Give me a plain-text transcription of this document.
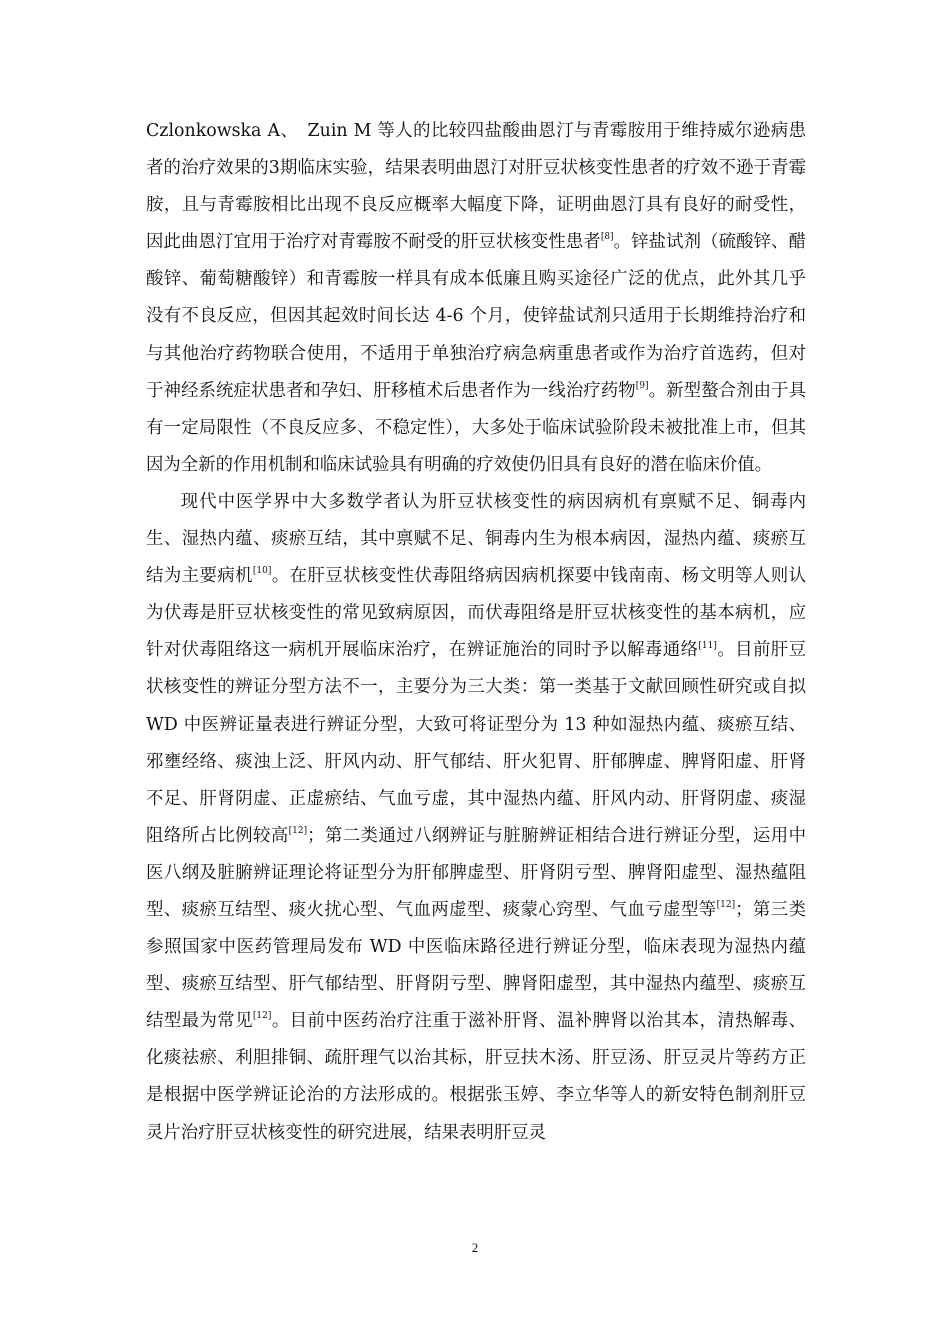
Czlonkowska A、　Zuin M 等人的比较四盐酸曲恩汀与青霉胺用于维持威尔逊病患者的治疗效果的3期临床实验，结果表明曲恩汀对肝豆状核变性患者的疗效不逊于青霉胺，且与青霉胺相比出现不良反应概率大幅度下降，证明曲恩汀具有良好的耐受性，因此曲恩汀宜用于治疗对青霉胺不耐受的肝豆状核变性患者[8]。锌盐试剂（硫酸锌、醋酸锌、葡萄糖酸锌）和青霉胺一样具有成本低廉且购买途径广泛的优点，此外其几乎没有不良反应，但因其起效时间长达 4-6 个月，使锌盐试剂只适用于长期维持治疗和与其他治疗药物联合使用，不适用于单独治疗病急病重患者或作为治疗首选药，但对于神经系统症状患者和孕妇、肝移植术后患者作为一线治疗药物[9]。新型螯合剂由于具有一定局限性（不良反应多、不稳定性），大多处于临床试验阶段未被批准上市，但其因为全新的作用机制和临床试验具有明确的疗效使仍旧具有良好的潜在临床价值。

现代中医学界中大多数学者认为肝豆状核变性的病因病机有禀赋不足、铜毒内生、湿热内蕴、痰瘀互结，其中禀赋不足、铜毒内生为根本病因，湿热内蕴、痰瘀互结为主要病机[10]。在肝豆状核变性伏毒阻络病因病机探要中钱南南、杨文明等人则认为伏毒是肝豆状核变性的常见致病原因，而伏毒阻络是肝豆状核变性的基本病机，应针对伏毒阻络这一病机开展临床治疗，在辨证施治的同时予以解毒通络[11]。目前肝豆状核变性的辨证分型方法不一，主要分为三大类：第一类基于文献回顾性研究或自拟 WD 中医辨证量表进行辨证分型，大致可将证型分为 13 种如湿热内蕴、痰瘀互结、邪壅经络、痰浊上泛、肝风内动、肝气郁结、肝火犯胃、肝郁脾虚、脾肾阳虚、肝肾不足、肝肾阴虚、正虚瘀结、气血亏虚，其中湿热内蕴、肝风内动、肝肾阴虚、痰湿阻络所占比例较高[12]；第二类通过八纲辨证与脏腑辨证相结合进行辨证分型，运用中医八纲及脏腑辨证理论将证型分为肝郁脾虚型、肝肾阴亏型、脾肾阳虚型、湿热蕴阻型、痰瘀互结型、痰火扰心型、气血两虚型、痰蒙心窍型、气血亏虚型等[12]；第三类参照国家中医药管理局发布 WD 中医临床路径进行辨证分型，临床表现为湿热内蕴型、痰瘀互结型、肝气郁结型、肝肾阴亏型、脾肾阳虚型，其中湿热内蕴型、痰瘀互结型最为常见[12]。目前中医药治疗注重于滋补肝肾、温补脾肾以治其本，清热解毒、化痰祛瘀、利胆排铜、疏肝理气以治其标，肝豆扶木汤、肝豆汤、肝豆灵片等药方正是根据中医学辨证论治的方法形成的。根据张玉婷、李立华等人的新安特色制剂肝豆灵片治疗肝豆状核变性的研究进展，结果表明肝豆灵

2
